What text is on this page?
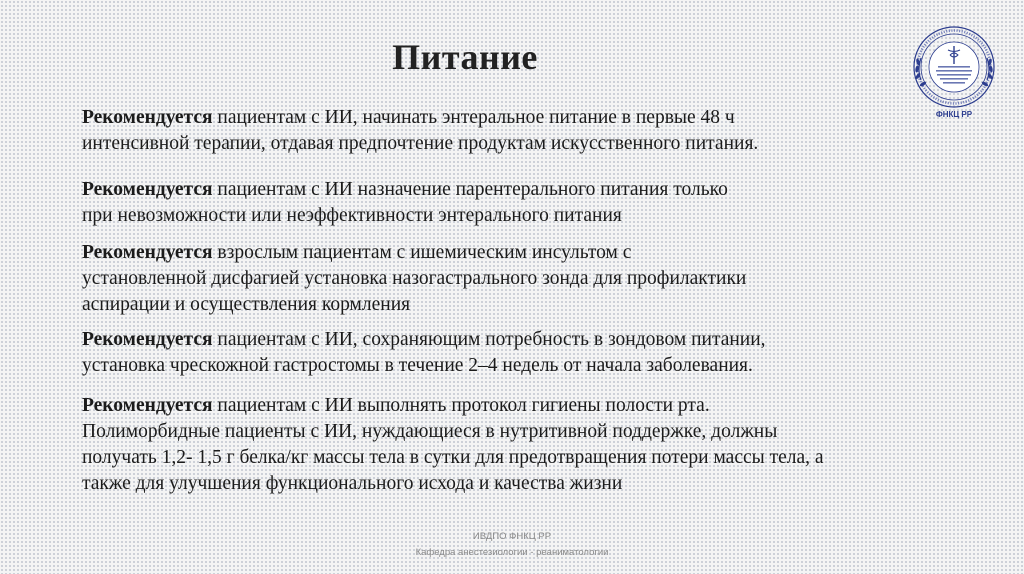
Питание
ФНКЦ РР

Рекомендуется пациентам с ИИ, начинать энтеральное питание в первые 48 ч
интенсивной терапии, отдавая предпочтение продуктам искусственного питания.

Рекомендуется пациентам с ИИ назначение парентерального питания только
при невозможности или неэффективности энтерального питания

Рекомендуется взрослым пациентам с ишемическим инсультом с
установленной дисфагией установка назогастрального зонда для профилактики
аспирации и осуществления кормления

Рекомендуется пациентам с ИИ, сохраняющим потребность в зондовом питании,
установка чрескожной гастростомы в течение 2–4 недель от начала заболевания.

Рекомендуется пациентам с ИИ выполнять протокол гигиены полости рта.
Полиморбидные пациенты с ИИ, нуждающиеся в нутритивной поддержке, должны
получать 1,2- 1,5 г белка/кг массы тела в сутки для предотвращения потери массы тела, а
также для улучшения функционального исхода и качества жизни

ИВДПО ФНКЦ РР
Кафедра анестезиологии - реаниматологии
